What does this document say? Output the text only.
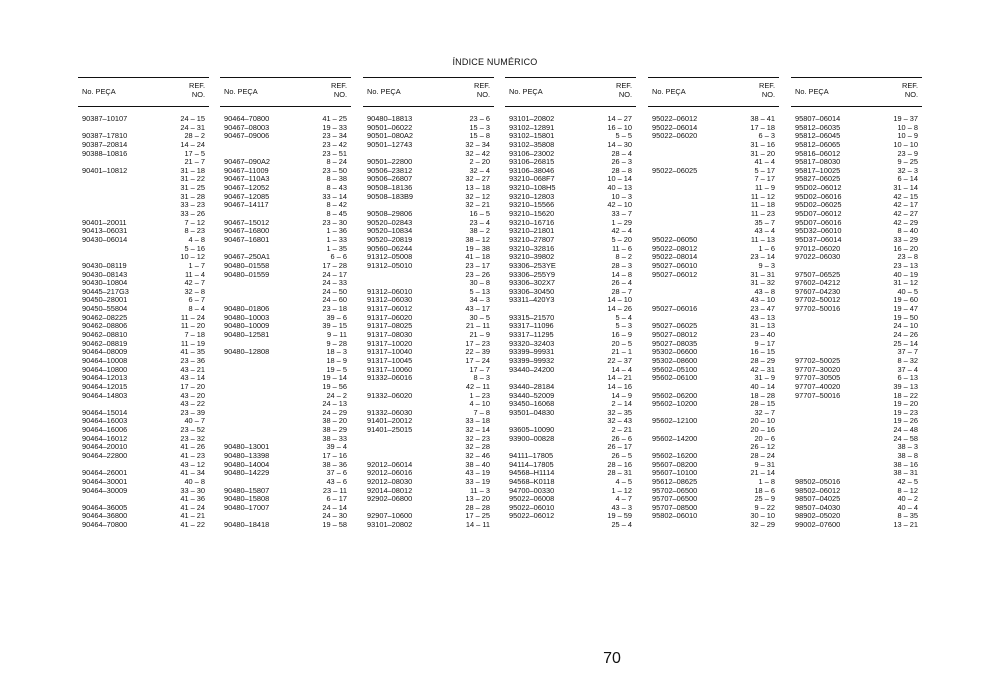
ÍNDICE NUMÉRICO
No. PEÇA
REF.
NO.
90387–10107	24 – 15
24 – 31
90387–17810	28 – 2
90387–20814	14 – 24
90388–10816	17 – 5
21 – 7
90401–10812	31 – 18
31 – 22
31 – 25
31 – 28
33 – 23
33 – 26
90401–20011	7 – 12
90413–06031	8 – 23
90430–06014	4 – 8
5 – 16
10 – 12
90430–08119	1 – 7
90430–08143	11 – 4
90430–10804	42 – 7
90445–217G3	32 – 8
90450–28001	6 – 7
90450–55804	8 – 4
90462–08225	11 – 24
90462–08806	11 – 20
90462–08810	7 – 18
90462–08819	11 – 19
90464–08009	41 – 35
90464–10008	23 – 36
90464–10800	43 – 21
90464–12013	43 – 14
90464–12015	17 – 20
90464–14803	43 – 20
43 – 22
90464–15014	23 – 39
90464–16003	40 – 7
90464–16006	23 – 52
90464–16012	23 – 32
90464–20010	41 – 26
90464–22800	41 – 23
43 – 12
90464–26001	41 – 34
90464–30001	40 – 8
90464–30009	33 – 30
41 – 36
90464–36005	41 – 24
90464–36800	41 – 21
90464–70800	41 – 22
No. PEÇA
REF.
NO.
90464–70800	41 – 25
90467–08003	19 – 33
90467–09006	23 – 34
23 – 42
23 – 51
90467–090A2	8 – 24
90467–11009	23 – 50
90467–110A3	8 – 38
90467–12052	8 – 43
90467–12085	33 – 14
90467–14117	8 – 42
8 – 45
90467–15012	23 – 30
90467–16800	1 – 36
90467–16801	1 – 33
1 – 35
90467–250A1	6 – 6
90480–01558	17 – 28
90480–01559	24 – 17
24 – 33
24 – 50
24 – 60
90480–01806	23 – 18
90480–10003	39 – 6
90480–10009	39 – 15
90480–12581	9 – 11
9 – 28
90480–12808	18 – 3
18 – 9
19 – 5
19 – 14
19 – 56
24 – 2
24 – 13
24 – 29
38 – 20
38 – 29
38 – 33
90480–13001	39 – 4
90480–13398	17 – 16
90480–14004	38 – 36
90480–14229	37 – 6
43 – 6
90480–15807	23 – 11
90480–15808	6 – 17
90480–17007	24 – 14
24 – 30
90480–18418	19 – 58
No. PEÇA
REF.
NO.
90480–18813	23 – 6
90501–06022	15 – 3
90501–080A2	15 – 8
90501–12743	32 – 34
32 – 42
90501–22800	2 – 20
90506–23812	32 – 4
90506–26807	32 – 27
90508–18136	13 – 18
90508–183B9	32 – 12
32 – 21
90508–29806	16 – 5
90520–02843	23 – 4
90520–10834	38 – 2
90520–20819	38 – 12
90560–06244	19 – 38
91312–05008	41 – 18
91312–05010	23 – 17
23 – 26
30 – 8
91312–06010	5 – 13
91312–06030	34 – 3
91317–06012	43 – 17
91317–06020	30 – 5
91317–08025	21 – 11
91317–08030	21 – 9
91317–10020	17 – 23
91317–10040	22 – 39
91317–10045	17 – 24
91317–10060	17 – 7
91332–06016	8 – 3
42 – 11
91332–06020	1 – 23
4 – 10
91332–06030	7 – 8
91401–20012	33 – 18
91401–25015	32 – 14
32 – 23
32 – 28
32 – 46
92012–06014	38 – 40
92012–06016	43 – 19
92012–08030	33 – 19
92014–08012	11 – 3
92902–06800	13 – 20
28 – 28
92907–10600	17 – 25
93101–20802	14 – 11
No. PEÇA
REF.
NO.
93101–20802	14 – 27
93102–12891	16 – 10
93102–15801	5 – 5
93102–35808	14 – 30
93106–23002	28 – 4
93106–26815	26 – 3
93106–38046	28 – 8
93210–068F7	10 – 14
93210–108H5	40 – 13
93210–12803	10 – 3
93210–15566	42 – 10
93210–15620	33 – 7
93210–16716	1 – 29
93210–21801	42 – 4
93210–27807	5 – 20
93210–32816	11 – 6
93210–39802	8 – 2
93306–253YE	28 – 3
93306–255Y9	14 – 8
93306–302X7	26 – 4
93306–30450	28 – 7
93311–420Y3	14 – 10
14 – 26
93315–21570	5 – 4
93317–11096	5 – 3
93317–11295	16 – 9
93320–32403	20 – 5
93399–99931	21 – 1
93399–99932	22 – 37
93440–24200	14 – 4
14 – 21
93440–28184	14 – 16
93440–52009	14 – 9
93450–16068	2 – 14
93501–04830	32 – 35
32 – 43
93605–10090	2 – 21
93900–00828	26 – 6
26 – 17
94111–17805	26 – 5
94114–17805	28 – 16
94568–H1114	28 – 31
94568–K0118	4 – 5
94700–00330	1 – 12
95022–06008	4 – 7
95022–06010	43 – 3
95022–06012	19 – 59
25 – 4
No. PEÇA
REF.
NO.
95022–06012	38 – 41
95022–06014	17 – 18
95022–06020	6 – 3
31 – 16
31 – 20
41 – 4
95022–06025	5 – 17
7 – 17
11 – 9
11 – 12
11 – 18
11 – 23
35 – 7
43 – 4
95022–06050	11 – 13
95022–08012	1 – 6
95022–08014	23 – 14
95027–06010	9 – 3
95027–06012	31 – 31
31 – 32
43 – 8
43 – 10
95027–06016	23 – 47
43 – 13
95027–06025	31 – 13
95027–08012	23 – 40
95027–08035	9 – 17
95302–06600	16 – 15
95302–08600	28 – 29
95602–05100	42 – 31
95602–06100	31 – 9
40 – 14
95602–06200	18 – 28
95602–10200	28 – 15
32 – 7
95602–12100	20 – 10
20 – 16
95602–14200	20 – 6
26 – 12
95602–16200	28 – 24
95607–08200	9 – 31
95607–10100	21 – 14
95612–08625	1 – 8
95702–06500	18 – 6
95707–06500	25 – 9
95707–08500	9 – 22
95802–06010	30 – 10
32 – 29
No. PEÇA
REF.
NO.
95807–06014	19 – 37
95812–06035	10 – 8
95812–06045	10 – 9
95812–06065	10 – 10
95816–06012	23 – 9
95817–08030	9 – 25
95817–10025	32 – 3
95827–06025	6 – 14
95D02–06012	31 – 14
95D02–06016	42 – 15
95D02–06025	42 – 17
95D07–06012	42 – 27
95D07–06016	42 – 29
95D32–06010	8 – 40
95D37–06014	33 – 29
97012–06020	16 – 20
97022–06030	23 – 8
23 – 13
97507–06525	40 – 19
97602–04212	31 – 12
97607–04230	40 – 5
97702–50012	19 – 60
97702–50016	19 – 47
19 – 50
24 – 10
24 – 26
25 – 14
37 – 7
97702–50025	8 – 32
97707–30020	37 – 4
97707–30505	6 – 13
97707–40020	39 – 13
97707–50016	18 – 22
19 – 20
19 – 23
19 – 26
24 – 48
24 – 58
38 – 3
38 – 8
38 – 16
38 – 31
98502–05016	42 – 5
98502–06012	8 – 12
98507–04025	40 – 2
98507–04030	40 – 4
98902–05020	8 – 35
99002–07600	13 – 21
70
